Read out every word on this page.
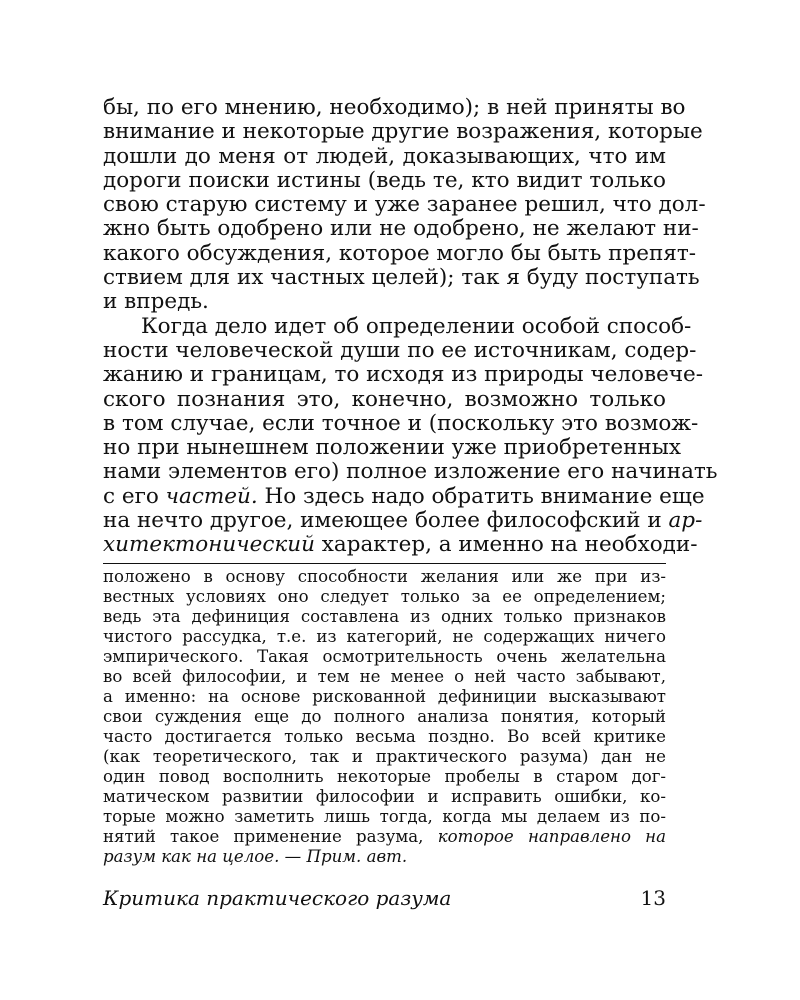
бы, по его мнению, необходимо); в ней приняты во
внимание и некоторые другие возражения, которые
дошли до меня от людей, доказывающих, что им
дороги поиски истины (ведь те, кто видит только
свою старую систему и уже заранее решил, что дол-
жно быть одобрено или не одобрено, не желают ни-
какого обсуждения, которое могло бы быть препят-
ствием для их частных целей); так я буду поступать
и впредь.
Когда дело идет об определении особой способ-
ности человеческой души по ее источникам, содер-
жанию и границам, то исходя из природы человече-
ского познания это, конечно, возможно только
в том случае, если точное и (поскольку это возмож-
но при нынешнем положении уже приобретенных
нами элементов его) полное изложение его начинать
с его частей. Но здесь надо обратить внимание еще
на нечто другое, имеющее более философский и ар-
хитектонический характер, а именно на необходи-
положено в основу способности желания или же при из-
вестных условиях оно следует только за ее определением;
ведь эта дефиниция составлена из одних только признаков
чистого рассудка, т.е. из категорий, не содержащих ничего
эмпирического. Такая осмотрительность очень желательна
во всей философии, и тем не менее о ней часто забывают,
а именно: на основе рискованной дефиниции высказывают
свои суждения еще до полного анализа понятия, который
часто достигается только весьма поздно. Во всей критике
(как теоретического, так и практического разума) дан не
один повод восполнить некоторые пробелы в старом дог-
матическом развитии философии и исправить ошибки, ко-
торые можно заметить лишь тогда, когда мы делаем из по-
нятий такое применение разума, которое направлено на
разум как на целое. — Прим. авт.
Критика практического разума	13
